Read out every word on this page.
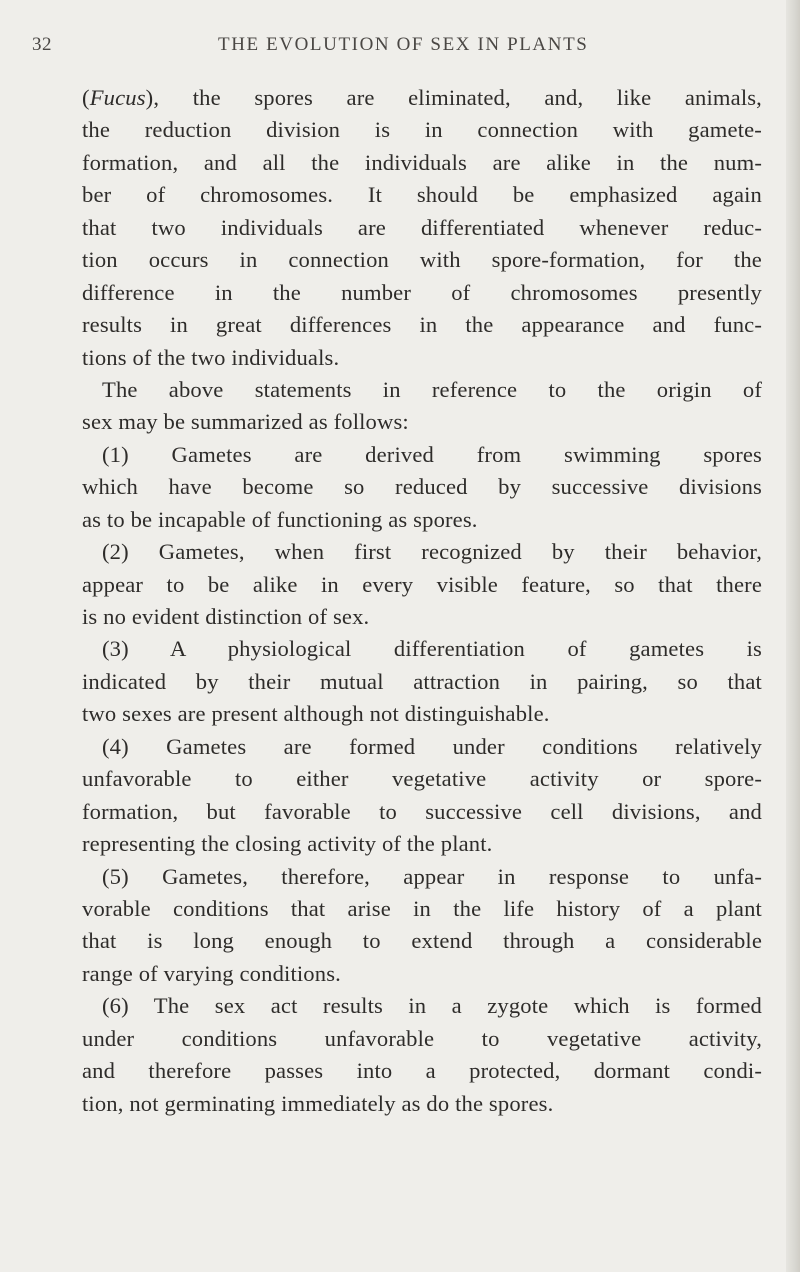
32	THE EVOLUTION OF SEX IN PLANTS
(Fucus), the spores are eliminated, and, like animals,
the reduction division is in connection with gamete-
formation, and all the individuals are alike in the num-
ber of chromosomes. It should be emphasized again
that two individuals are differentiated whenever reduc-
tion occurs in connection with spore-formation, for the
difference in the number of chromosomes presently
results in great differences in the appearance and func-
tions of the two individuals.
The above statements in reference to the origin of
sex may be summarized as follows:
(1) Gametes are derived from swimming spores
which have become so reduced by successive divisions
as to be incapable of functioning as spores.
(2) Gametes, when first recognized by their behavior,
appear to be alike in every visible feature, so that there
is no evident distinction of sex.
(3) A physiological differentiation of gametes is
indicated by their mutual attraction in pairing, so that
two sexes are present although not distinguishable.
(4) Gametes are formed under conditions relatively
unfavorable to either vegetative activity or spore-
formation, but favorable to successive cell divisions, and
representing the closing activity of the plant.
(5) Gametes, therefore, appear in response to unfa-
vorable conditions that arise in the life history of a plant
that is long enough to extend through a considerable
range of varying conditions.
(6) The sex act results in a zygote which is formed
under conditions unfavorable to vegetative activity,
and therefore passes into a protected, dormant condi-
tion, not germinating immediately as do the spores.
